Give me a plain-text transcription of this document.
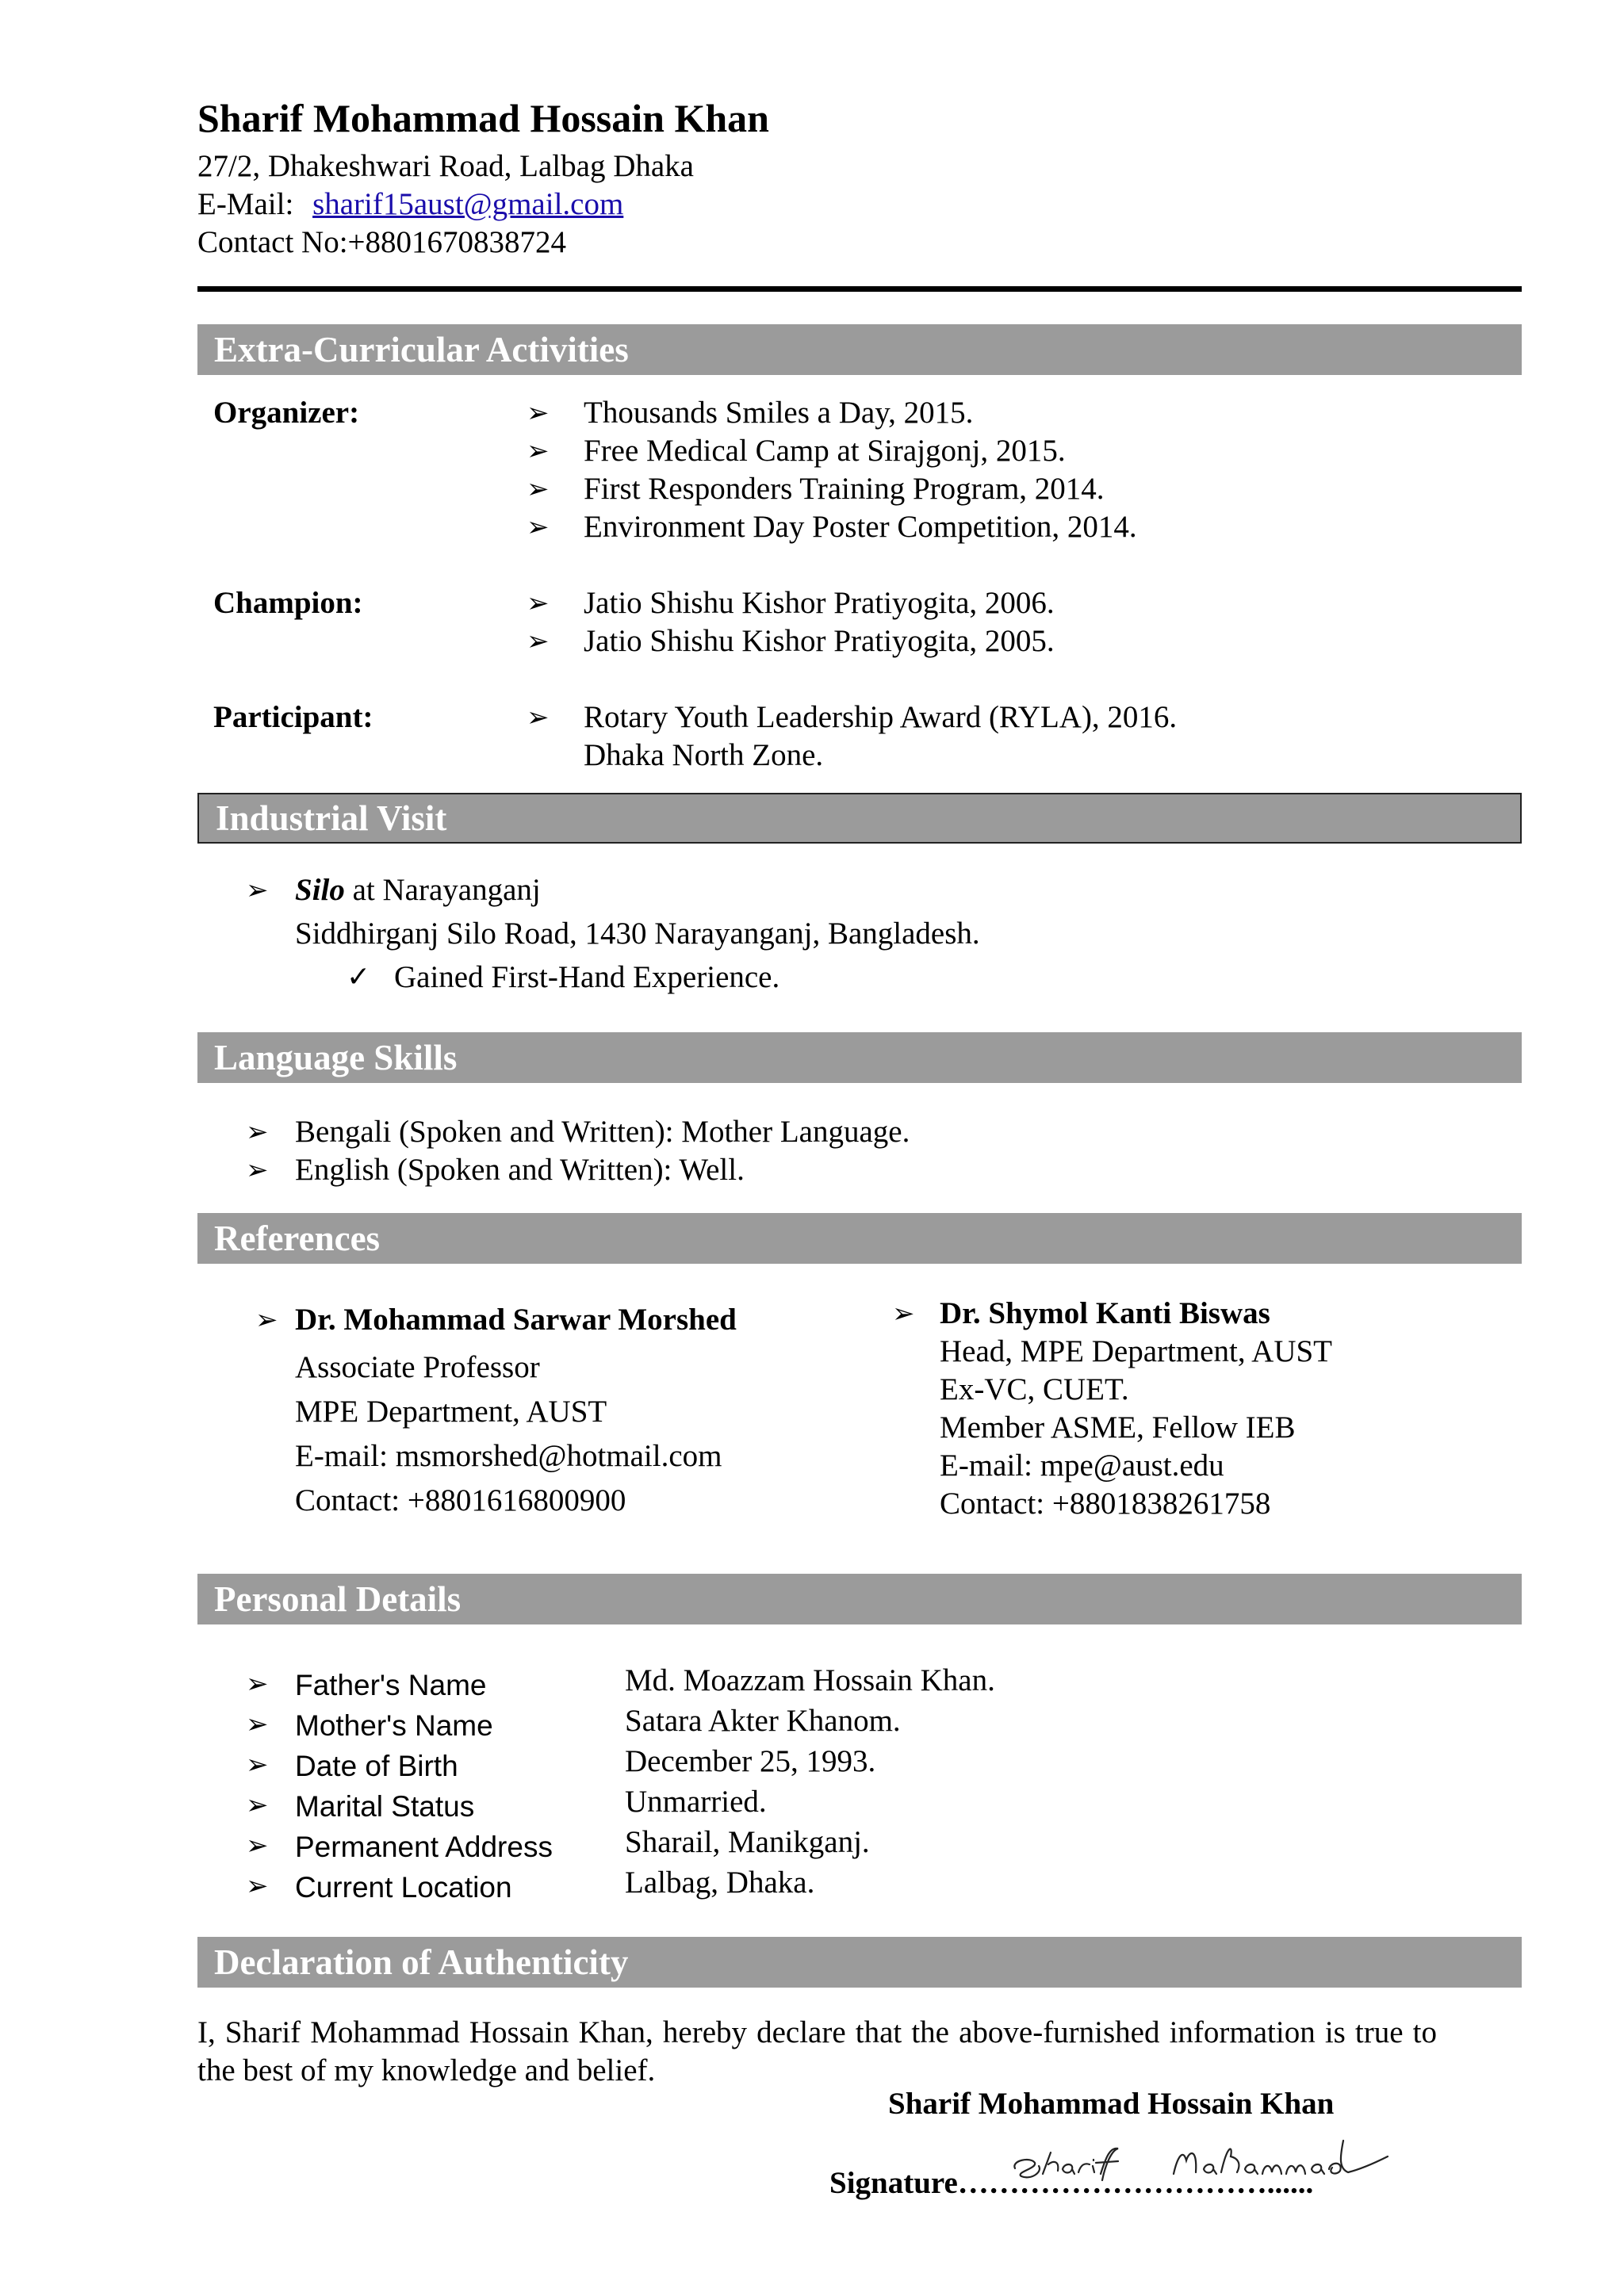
Sharif Mohammad Hossain Khan
27/2, Dhakeshwari Road, Lalbag Dhaka
E-Mail: sharif15aust@gmail.com
Contact No:+8801670838724
Extra-Curricular Activities
Organizer:	➢ Thousands Smiles a Day, 2015.
➢ Free Medical Camp at Sirajgonj, 2015.
➢ First Responders Training Program, 2014.
➢ Environment Day Poster Competition, 2014.
Champion:	➢ Jatio Shishu Kishor Pratiyogita, 2006.
➢ Jatio Shishu Kishor Pratiyogita, 2005.
Participant:	➢ Rotary Youth Leadership Award (RYLA), 2016.
Dhaka North Zone.
Industrial Visit
➢ Silo at Narayanganj
Siddhirganj Silo Road, 1430 Narayanganj, Bangladesh.
✓ Gained First-Hand Experience.
Language Skills
➢ Bengali (Spoken and Written): Mother Language.
➢ English (Spoken and Written): Well.
References
➢ Dr. Mohammad Sarwar Morshed
Associate Professor
MPE Department, AUST
E-mail: msmorshed@hotmail.com
Contact: +8801616800900
➢ Dr. Shymol Kanti Biswas
Head, MPE Department, AUST
Ex-VC, CUET.
Member ASME, Fellow IEB
E-mail: mpe@aust.edu
Contact: +8801838261758
Personal Details
➢ Father's Name	Md. Moazzam Hossain Khan.
➢ Mother's Name	Satara Akter Khanom.
➢ Date of Birth	December 25, 1993.
➢ Marital Status	Unmarried.
➢ Permanent Address Sharail, Manikganj.
➢ Current Location	Lalbag, Dhaka.
Declaration of Authenticity
I, Sharif Mohammad Hossain Khan, hereby declare that the above-furnished information is true to the best of my knowledge and belief.
Sharif Mohammad Hossain Khan
Signature…………………………......
